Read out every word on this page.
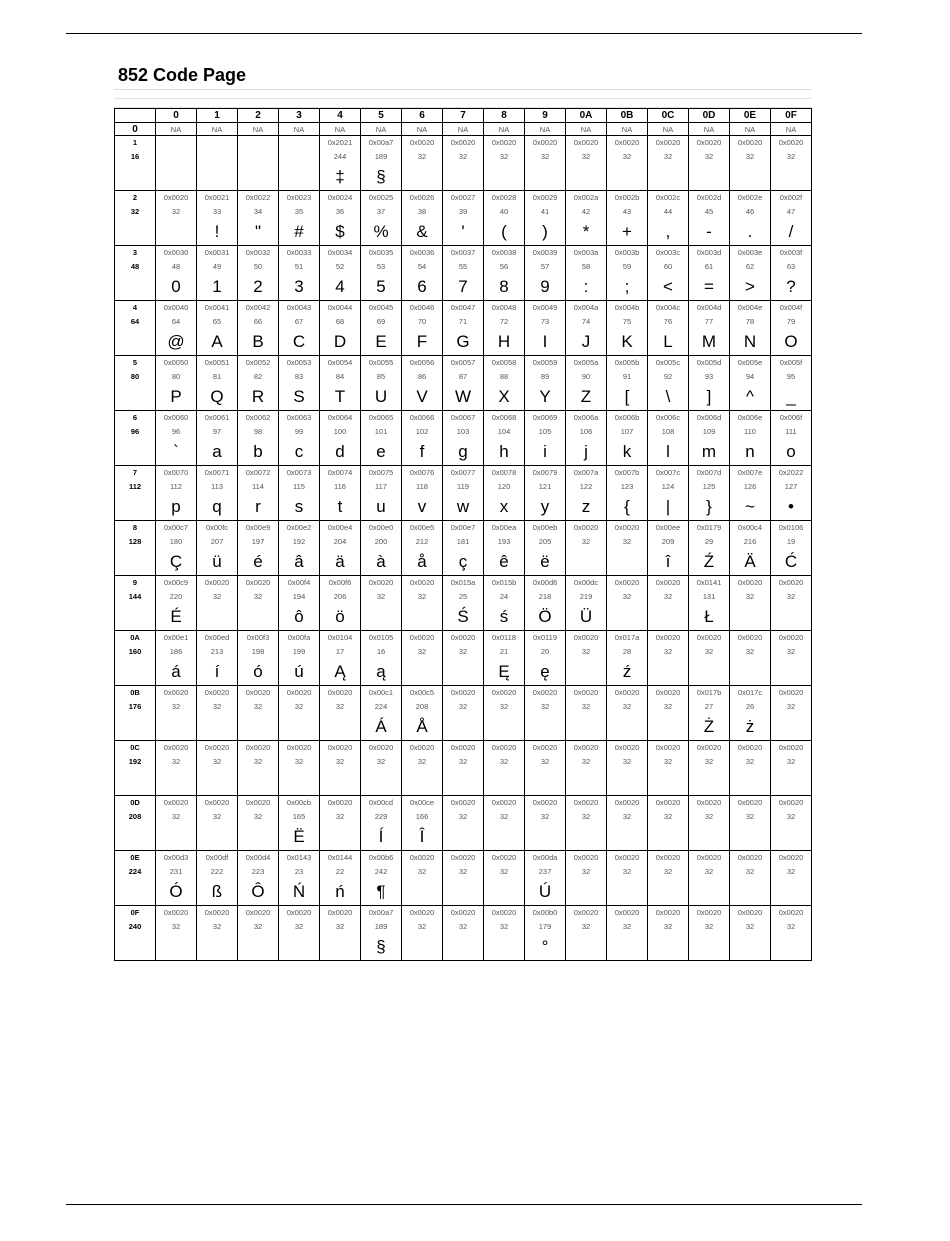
852 Code Page
	0	1	2	3	4	5	6	7	8	9	0A	0B	0C	0D	0E	0F
0	NA	NA	NA	NA	NA	NA	NA	NA	NA	NA	NA	NA	NA	NA	NA	NA
1					0x2021	0x00a7	0x0020	0x0020	0x0020	0x0020	0x0020	0x0020	0x0020	0x0020	0x0020	0x0020
16					244	189	32	32	32	32	32	32	32	32	32	32
					‡	§										
2	0x0020	0x0021	0x0022	0x0023	0x0024	0x0025	0x0026	0x0027	0x0028	0x0029	0x002a	0x002b	0x002c	0x002d	0x002e	0x002f
32	32	33	34	35	36	37	38	39	40	41	42	43	44	45	46	47
		!	"	#	$	%	&	'	(	)	*	+	,	-	.	/
3	0x0030	0x0031	0x0032	0x0033	0x0034	0x0035	0x0036	0x0037	0x0038	0x0039	0x003a	0x003b	0x003c	0x003d	0x003e	0x003f
48	48	49	50	51	52	53	54	55	56	57	58	59	60	61	62	63
	0	1	2	3	4	5	6	7	8	9	:	;	<	=	>	?
4	0x0040	0x0041	0x0042	0x0043	0x0044	0x0045	0x0046	0x0047	0x0048	0x0049	0x004a	0x004b	0x004c	0x004d	0x004e	0x004f
64	64	65	66	67	68	69	70	71	72	73	74	75	76	77	78	79
	@	A	B	C	D	E	F	G	H	I	J	K	L	M	N	O
5	0x0050	0x0051	0x0052	0x0053	0x0054	0x0055	0x0056	0x0057	0x0058	0x0059	0x005a	0x005b	0x005c	0x005d	0x005e	0x005f
80	80	81	82	83	84	85	86	87	88	89	90	91	92	93	94	95
	P	Q	R	S	T	U	V	W	X	Y	Z	[	\	]	^	_
6	0x0060	0x0061	0x0062	0x0063	0x0064	0x0065	0x0066	0x0067	0x0068	0x0069	0x006a	0x006b	0x006c	0x006d	0x006e	0x006f
96	96	97	98	99	100	101	102	103	104	105	106	107	108	109	110	111
	`	a	b	c	d	e	f	g	h	i	j	k	l	m	n	o
7	0x0070	0x0071	0x0072	0x0073	0x0074	0x0075	0x0076	0x0077	0x0078	0x0079	0x007a	0x007b	0x007c	0x007d	0x007e	0x2022
112	112	113	114	115	116	117	118	119	120	121	122	123	124	125	126	127
	p	q	r	s	t	u	v	w	x	y	z	{	|	}	~	•
8	0x00c7	0x00fc	0x00e9	0x00e2	0x00e4	0x00e0	0x00e5	0x00e7	0x00ea	0x00eb	0x0020	0x0020	0x00ee	0x0179	0x00c4	0x0106
128	180	207	197	192	204	200	212	181	193	205	32	32	209	29	216	19
	Ç	ü	é	â	ä	à	å	ç	ê	ë			î	Ź	Ä	Ć
9	0x00c9	0x0020	0x0020	0x00f4	0x00f6	0x0020	0x0020	0x015a	0x015b	0x00d6	0x00dc	0x0020	0x0020	0x0141	0x0020	0x0020
144	220	32	32	194	206	32	32	25	24	218	219	32	32	131	32	32
	É			ô	ö			Ś	ś	Ö	Ü			Ł		
0A	0x00e1	0x00ed	0x00f3	0x00fa	0x0104	0x0105	0x0020	0x0020	0x0118	0x0119	0x0020	0x017a	0x0020	0x0020	0x0020	0x0020
160	186	213	198	199	17	16	32	32	21	20	32	28	32	32	32	32
	á	í	ó	ú	Ą	ą			Ę	ę		ź				
0B	0x0020	0x0020	0x0020	0x0020	0x0020	0x00c1	0x00c5	0x0020	0x0020	0x0020	0x0020	0x0020	0x0020	0x017b	0x017c	0x0020
176	32	32	32	32	32	224	208	32	32	32	32	32	32	27	26	32
						Á	Å							Ż	ż	
0C	0x0020	0x0020	0x0020	0x0020	0x0020	0x0020	0x0020	0x0020	0x0020	0x0020	0x0020	0x0020	0x0020	0x0020	0x0020	0x0020
192	32	32	32	32	32	32	32	32	32	32	32	32	32	32	32	32

0D	0x0020	0x0020	0x0020	0x00cb	0x0020	0x00cd	0x00ce	0x0020	0x0020	0x0020	0x0020	0x0020	0x0020	0x0020	0x0020	0x0020
208	32	32	32	165	32	229	166	32	32	32	32	32	32	32	32	32
				Ë		Í	Î									
0E	0x00d3	0x00df	0x00d4	0x0143	0x0144	0x00b6	0x0020	0x0020	0x0020	0x00da	0x0020	0x0020	0x0020	0x0020	0x0020	0x0020
224	231	222	223	23	22	242	32	32	32	237	32	32	32	32	32	32
	Ó	ß	Ô	Ń	ń	¶				Ú						
0F	0x0020	0x0020	0x0020	0x0020	0x0020	0x00a7	0x0020	0x0020	0x0020	0x00b0	0x0020	0x0020	0x0020	0x0020	0x0020	0x0020
240	32	32	32	32	32	189	32	32	32	179	32	32	32	32	32	32
						§				°						
